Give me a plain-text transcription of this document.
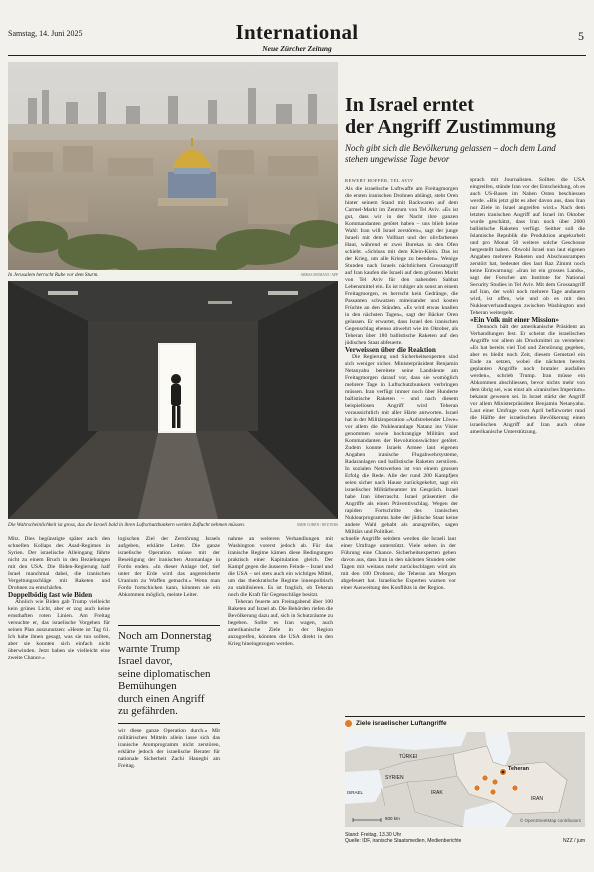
Samstag, 14. Juni 2025	International
Neue Zürcher Zeitung
5
In Jerusalem herrscht Ruhe vor dem Sturm.	ABBAS MOMANI / AFP
Die Wahrscheinlichkeit ist gross, das die Israeli bald in ihren Luftschutzbunkern werden Zuflucht nehmen müssen.	AMIR COHEN / REUTERS
In Israel erntet
der Angriff Zustimmung
Noch gibt sich die Bevölkerung gelassen – doch dem Land
stehen ungewisse Tage bevor
REWERT HOFFER, TEL AVIV

Als die israelische Luftwaffe am Freitagmorgen die ersten iranischen Drohnen ablängt, steht Oren hinter seinem Stand mit Backwaren auf dem Carmel-Markt im Zentrum von Tel Aviv. «Es ist gut, dass wir in der Nacht ihre ganzen Kommandanten getötet haben – uns blieb keine Wahl: Iran will Israel zerstören», sagt der junge Israeli mit dem Vollbart und der olivfarbenen Haut, während er zwei Burekas in den Ofen schiebt. «Schluss mit dem Klein-Klein. Das ist der Krieg, um alle Kriege zu beenden». Wenige Stunden nach Israels nächtlichem Grossangriff auf Iran kaufen die Israeli auf dem grössten Markt von Tel Aviv für den nahenden Sabbat Lebensmittel ein. Es ist ruhiger als sonst an einem Freitagmorgen, es herrscht kein Gedränge, die Passanten schwatzen miteinander und kosten Früchte an den Ständen. «Es wird etwas knallen in den nächsten Tagen», sagt der Bäcker Oren gelassen. Er erwartet, dass Israel den iranischen Gegenschlag ebenso abwehrt wie im Oktober, als Teheran über 180 ballistische Raketen auf den jüdischen Staat abfeuerte.

Verweissen über die Reaktion

Die Regierung und Sicherheitsexperten sind sich weniger sicher. Ministerpräsident Benjamin Netanyahu bereitete seine Landsleute am Freitagmorgen darauf vor, dass sie womöglich mehrere Tage in Luftschutzbunkern verbringen müssen. Iran verfügt immer noch über Hunderte ballistische Raketen – und nach diesem beispiellosen Angriff wird Teheran voraussichtlich mit aller Härte antworten. Israel hat in der Militäroperation «Aufstrebender Löwe» vor allem die Nuklearanlage Natanz ins Visier genommen sowie hochrangige Militärs und Kommandanten der Revolutionswächter getötet. Zudem konnte Israels Armee laut eigenen Angaben iranische Flugabwehrsysteme, Radaranlagen und ballistische Raketen zerstören. In sozialen Netzwerken ist von einem grossen Erfolg die Rede. Alle der rund 200 Kampfjets seien sicher nach Hause zurückgekehrt, sagt ein israelischer Militärbeamter im Gespräch. Israel habe Iran überrascht. Israel präsentiert die Angriffe als einen Präventivschlag. Wegen der rapiden Fortschritte des iranischen Nuklearprogramms habe der jüdische Staat keine andere Wahl gehabt als anzugreifen, sagen Militärs und Politiker.

sprach mit Journalisten. Sollten die USA eingreifen, stünde Iran vor der Entscheidung, ob es auch US-Basen im Nahen Osten beschiessen werde. «Bis jetzt gibt es aber davon aus, dass Iran nur Ziele in Israel angreifen wird.» Nach dem letzten iranischen Angriff auf Israel im Oktober wurde geschätzt, dass Iran noch über 2000 ballistische Raketen verfügt. Seither soll die Islamische Republik die Produktion angekurbelt und pro Monat 50 weitere solche Geschosse hergestellt haben. Obwohl Israel nun laut eigenen Angaben mehrere Raketen und Abschussrampen zerstört hat, bedeutet dies laut Raz Zimmt noch keine Entwarnung: «Iran ist ein grosses Lands», sagt der Forscher am Institute for National Security Studies in Tel Aviv. Mit dem Grossangriff auf Iran, der wohl noch mehrere Tage andauern wird, ist offen, wie und ob es mit den Nuklearverhandlungen zwischen Washington und Teheran weitergeht.

«Ein Volk mit einer Mission»

Dennoch hält der amerikanische Präsident an Verhandlungen fest. Er scheint die israelischen Angriffe vor allem als Druckmittel zu verstehen: «Es hat bereits viel Tod und Zerstörung gegeben, aber es bleibt noch Zeit, diesem Gemetzel ein Ende zu setzen, wobei die nächsten bereits geplanten Angriffe noch brutaler ausfallen werden», schrieb Trump. Iran müsse ein Abkommen abschliessen, bevor nichts mehr von dem übrig sei, was einst als «iranisches Imperium» bekannt gewesen sei. In Israel stärkt der Angriff vor allem Ministerpräsident Benjamin Netanyahu. Laut einer Umfrage vom April befürwortet rund die Hälfte der israelischen Bevölkerung einen israelischen Angriff auf Iran auch ohne amerikanische Unterstützung.

Mitz. Dies begünstigte später auch den schnellen Kollaps des Asad-Regimes in Syrien. Der israelische Alleingang führte nicht zu einem Bruch in den Beziehungen mit den USA. Die Biden-Regierung half Israel manchmal dabei, die iranischen Vergeltungsschläge mit Raketen und Drohnen zu entschärfen.

Doppelbödig fast wie Biden

Ähnlich wie Biden gab Trump vielleicht kein grünes Licht, aber er zog auch keine ernsthaften roten Linien. Am Freitag versuchte er, das israelische Vorgehen für seinen Plan auszunutzen: «Heute ist Tag 61. Ich habe ihnen gesagt, was sie tun sollten, aber sie konnten sich einfach nicht überwinden. Jetzt haben sie vielleicht eine zweite Chance.»

logischen Ziel der Zerstörung Israels aufgeben, erklärte Leiter. Die ganze israelische Operation müsse mit der Beseitigung der iranischen Atomanlage in Fordo enden. «In dieser Anlage tief, tief unter der Erde wird das angereicherte Uranium zu Waffen gemacht.» Wenn man Fordo fortschicken kann, könnten sie ein Abkommen möglich, meinte Leiter.

Noch am Donnerstag
warnte Trump
Israel davor,
seine diplomatischen
Bemühungen
durch einen Angriff
zu gefährden.

wir diese ganze Operation durch.» Mit militärischen Mitteln allein lasse sich das iranische Atomprogramm nicht zerstören, erklärte jedoch der israelische Berater für nationale Sicherheit Zachi Hanegbi am Freitag.

nahme an weiteren Verhandlungen mit Washington vorerst jedoch ab. Für das iranische Regime kämen diese Bedingungen praktisch einer Kapitulation gleich. Der Kampf gegen die äusseren Feinde – Israel und die USA – sei stets auch ein wichtiges Mittel, um das theokratische Regime innenpolitisch zu stabilisieren. Es ist fraglich, ob Teheran noch die Kraft für Gegenschläge besitzt.

Teheran feuerte am Freitagabend über 100 Raketen auf Israel ab. Die Behörden riefen die Bevölkerung dazu auf, sich in Schutzräume zu begeben. Sollte es Iran wagen, auch amerikanische Ziele in der Region anzugreifen, könnten die USA direkt in den Krieg hineingezogen werden.

schnelle Angriffe seitdem werden die Israeli laut einer Umfrage unterstützt. Viele sehen in der Führung eine Chance. Sicherheitsexperten gehen davon aus, dass Iran in den nächsten Stunden oder Tagen mit weitaus mehr zurückschlagen wird als mit den 100 Drohnen, die Teheran am Morgen abgefeuert hat. Israelische Experten warnen vor einer Ausweitung des Konflikts in der Region.

Ziele israelischer Luftangriffe
TÜRKEI
SYRIEN
IRAK
IRAN
ISRAEL
Teheran
500 km	© OpenStreetMap contributors
Stand: Freitag, 13.30 Uhr
Quelle: IDF, iranische Staatsmedien, Medienberichte	NZZ / jum
